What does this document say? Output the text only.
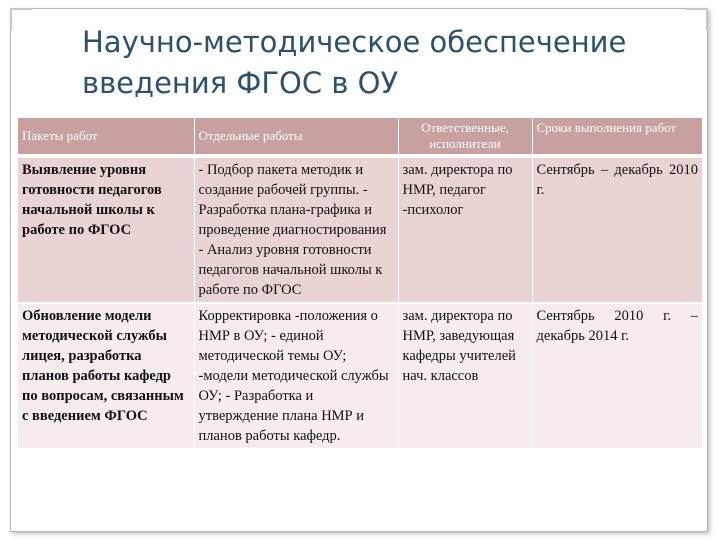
Научно-методическое обеспечение введения ФГОС в ОУ
Пакеты работ	Отдельные работы	Ответственные, исполнители	Сроки выполнения работ
Выявление уровня готовности педагогов начальной школы к работе по ФГОС	- Подбор пакета методик и создание рабочей группы. - Разработка плана-графика и проведение диагностирования - Анализ уровня готовности педагогов начальной школы к работе по ФГОС	зам. директора по НМР, педагог -психолог	Сентябрь – декабрь 2010 г.
Обновление модели методической службы лицея, разработка планов работы кафедр по вопросам, связанным с введением ФГОС	Корректировка -положения о НМР в ОУ; - единой методической темы ОУ; -модели методической службы ОУ; - Разработка и утверждение плана НМР и планов работы кафедр.	зам. директора по НМР, заведующая кафедры учителей нач. классов	Сентябрь 2010 г. – декабрь 2014 г.
